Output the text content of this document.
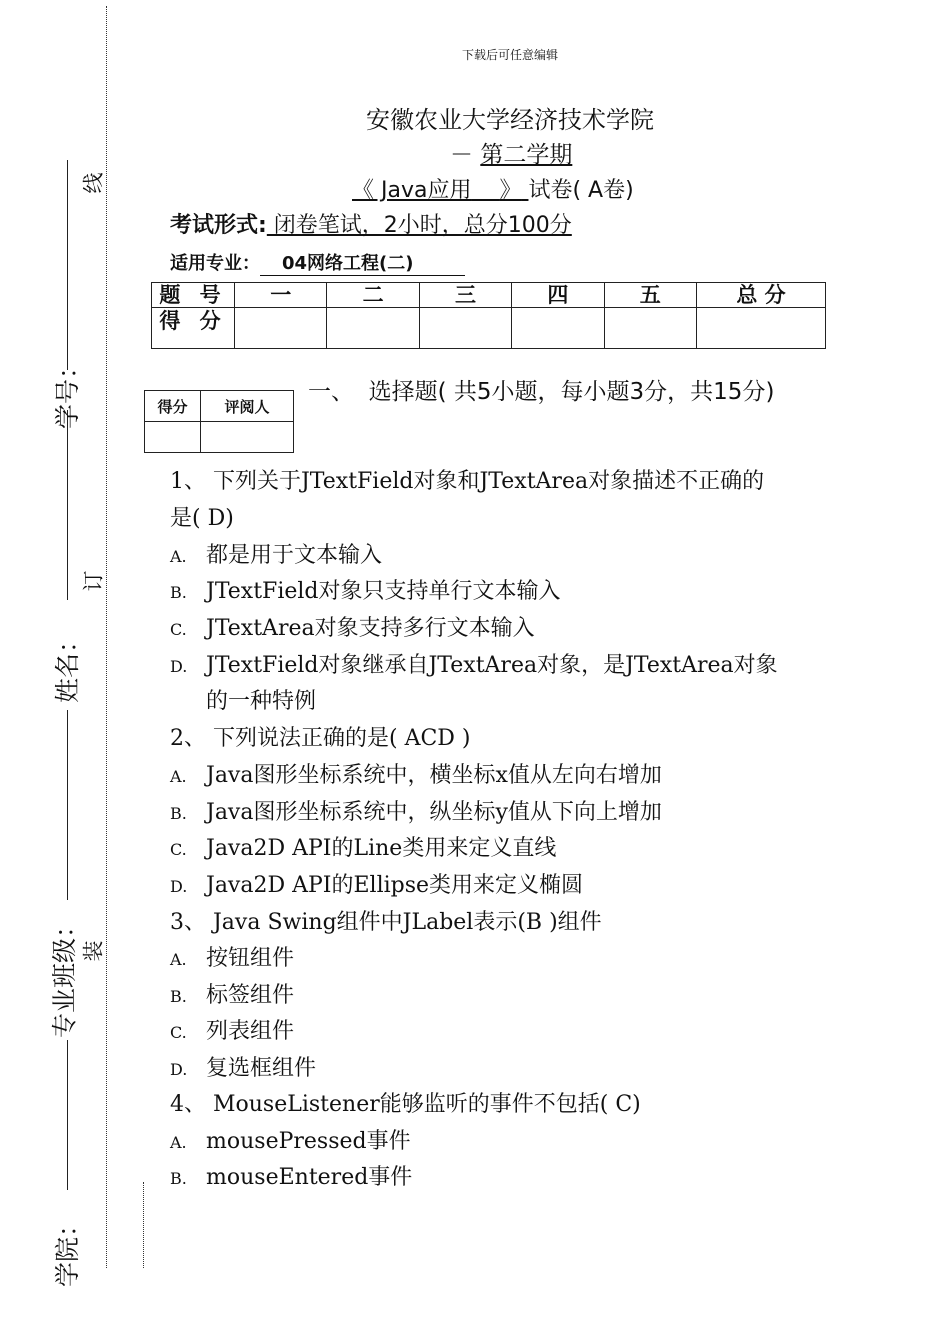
学院：
专业班级：
姓名：
学号：
装
订
线
下载后可任意编辑
安徽农业大学经济技术学院
－ 第二学期
《 Java应用 》 试卷( A卷)
考试形式: 闭卷笔试，2小时，总分100分
适用专业： 04网络工程(二)
题 号	一	二	三	四	五	总 分
得 分						
得分	评阅人

一、  选择题( 共5小题，每小题3分，共15分)
1、 下列关于JTextField对象和JTextArea对象描述不正确的
是( D)
A. 都是用于文本输入
B. JTextField对象只支持单行文本输入
C. JTextArea对象支持多行文本输入
D. JTextField对象继承自JTextArea对象，是JTextArea对象
的一种特例
2、 下列说法正确的是( ACD )
A. Java图形坐标系统中，横坐标x值从左向右增加
B. Java图形坐标系统中，纵坐标y值从下向上增加
C. Java2D API的Line类用来定义直线
D. Java2D API的Ellipse类用来定义椭圆
3、 Java Swing组件中JLabel表示(B )组件
A. 按钮组件
B. 标签组件
C. 列表组件
D. 复选框组件
4、 MouseListener能够监听的事件不包括( C)
A. mousePressed事件
B. mouseEntered事件
